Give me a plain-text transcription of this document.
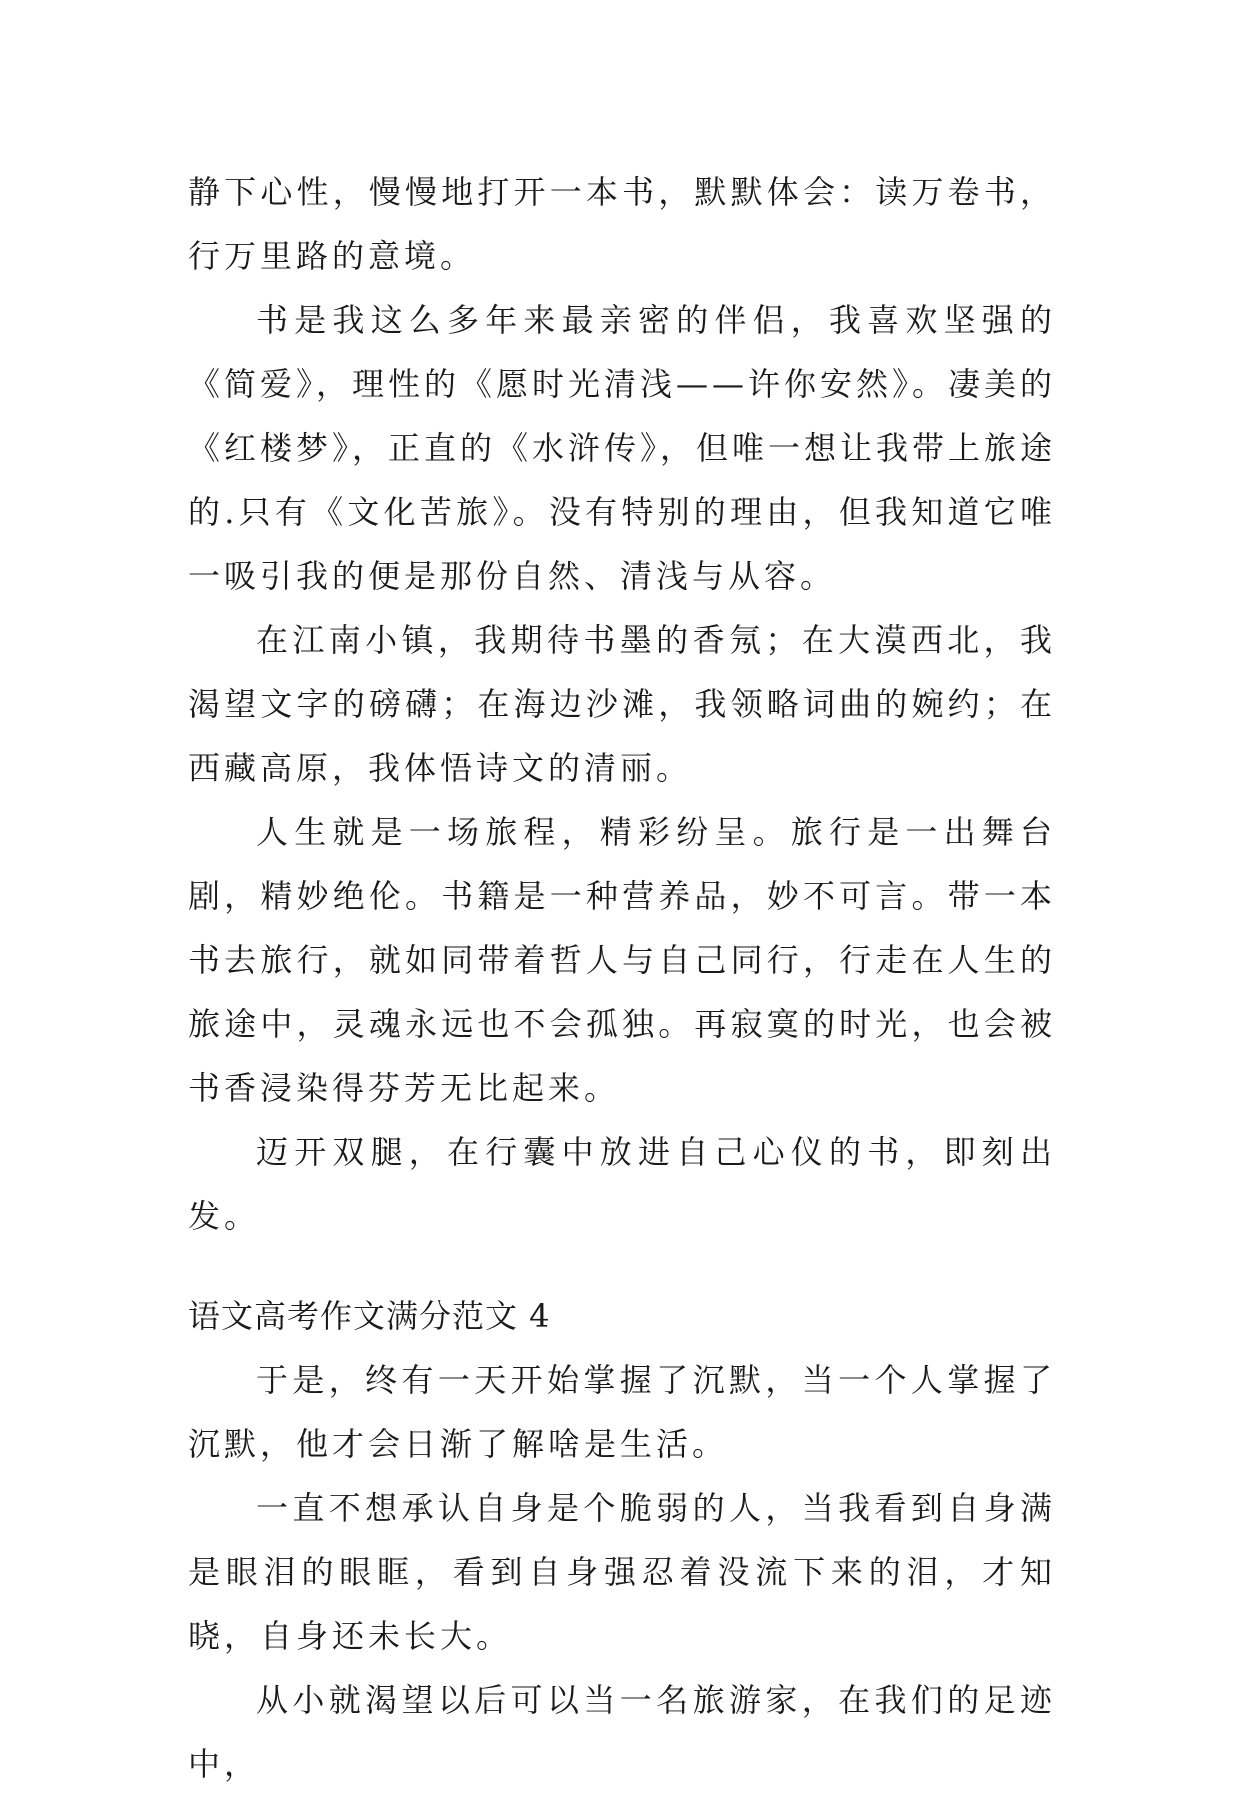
静下心性，慢慢地打开一本书，默默体会：读万卷书，行万里路的意境。

书是我这么多年来最亲密的伴侣，我喜欢坚强的《简爱》，理性的《愿时光清浅——许你安然》。凄美的《红楼梦》，正直的《水浒传》，但唯一想让我带上旅途的.只有《文化苦旅》。没有特别的理由，但我知道它唯一吸引我的便是那份自然、清浅与从容。

在江南小镇，我期待书墨的香氖；在大漠西北，我渴望文字的磅礴；在海边沙滩，我领略词曲的婉约；在西藏高原，我体悟诗文的清丽。

人生就是一场旅程，精彩纷呈。旅行是一出舞台剧，精妙绝伦。书籍是一种营养品，妙不可言。带一本书去旅行，就如同带着哲人与自己同行，行走在人生的旅途中，灵魂永远也不会孤独。再寂寞的时光，也会被书香浸染得芬芳无比起来。

迈开双腿，在行囊中放进自己心仪的书，即刻出发。

语文高考作文满分范文 4

于是，终有一天开始掌握了沉默，当一个人掌握了沉默，他才会日渐了解啥是生活。

一直不想承认自身是个脆弱的人，当我看到自身满是眼泪的眼眶，看到自身强忍着没流下来的泪，才知晓，自身还未长大。

从小就渴望以后可以当一名旅游家，在我们的足迹中，
